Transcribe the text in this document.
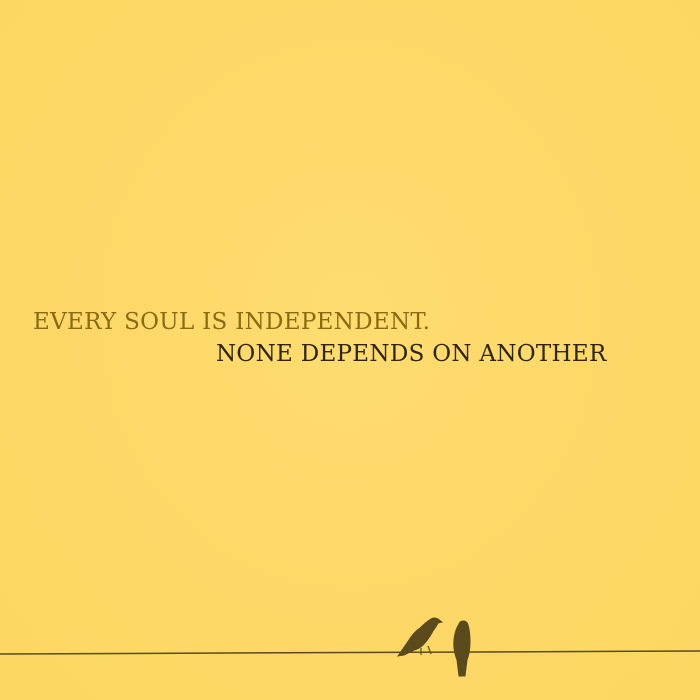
EVERY SOUL IS INDEPENDENT.
NONE DEPENDS ON ANOTHER
